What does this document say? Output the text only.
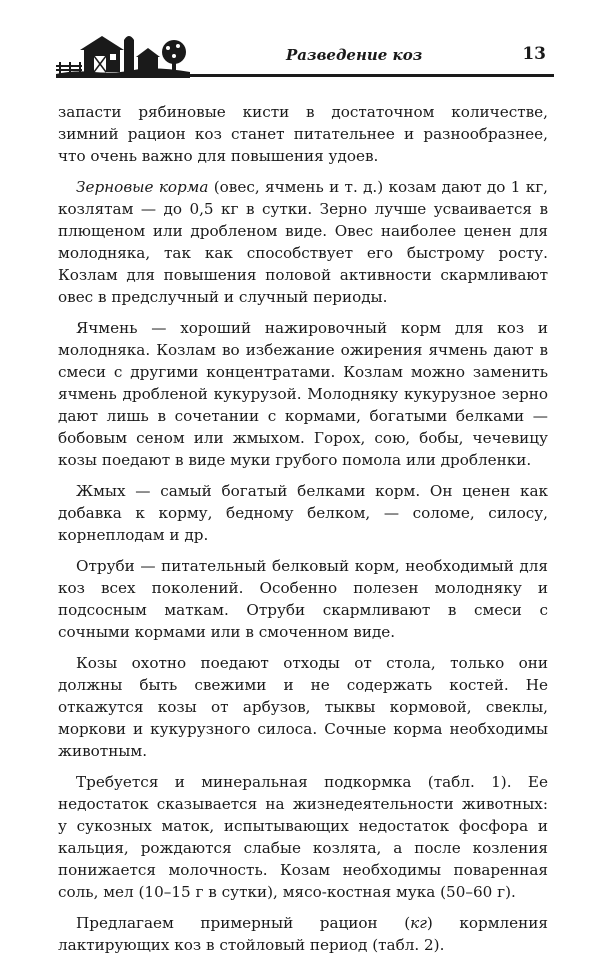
Разведение коз	13

запасти рябиновые кисти в достаточном количестве, зимний рацион коз станет питательнее и разнообразнее, что очень важно для повышения удоев.

Зерновые корма (овес, ячмень и т. д.) козам дают до 1 кг, козлятам — до 0,5 кг в сутки. Зерно лучше усваивается в плющеном или дробленом виде. Овес наиболее ценен для молодняка, так как способствует его быстрому росту. Козлам для повышения половой активности скармливают овес в предслучный и случный периоды.

Ячмень — хороший нажировочный корм для коз и молодняка. Козлам во избежание ожирения ячмень дают в смеси с другими концентратами. Козлам можно заменить ячмень дробленой кукурузой. Молодняку кукурузное зерно дают лишь в сочетании с кормами, богатыми белками — бобовым сеном или жмыхом. Горох, сою, бобы, чечевицу козы поедают в виде муки грубого помола или дробленки.

Жмых — самый богатый белками корм. Он ценен как добавка к корму, бедному белком, — соломе, силосу, корнеплодам и др.

Отруби — питательный белковый корм, необходимый для коз всех поколений. Особенно полезен молодняку и подсосным маткам. Отруби скармливают в смеси с сочными кормами или в смоченном виде.

Козы охотно поедают отходы от стола, только они должны быть свежими и не содержать костей. Не откажутся козы от арбузов, тыквы кормовой, свеклы, моркови и кукурузного силоса. Сочные корма необходимы животным.

Требуется и минеральная подкормка (табл. 1). Ее недостаток сказывается на жизнедеятельности животных: у сукозных маток, испытывающих недостаток фосфора и кальция, рождаются слабые козлята, а после козления понижается молочность. Козам необходимы поваренная соль, мел (10–15 г в сутки), мясо-костная мука (50–60 г).

Предлагаем примерный рацион (кг) кормления лактирующих коз в стойловый период (табл. 2).
